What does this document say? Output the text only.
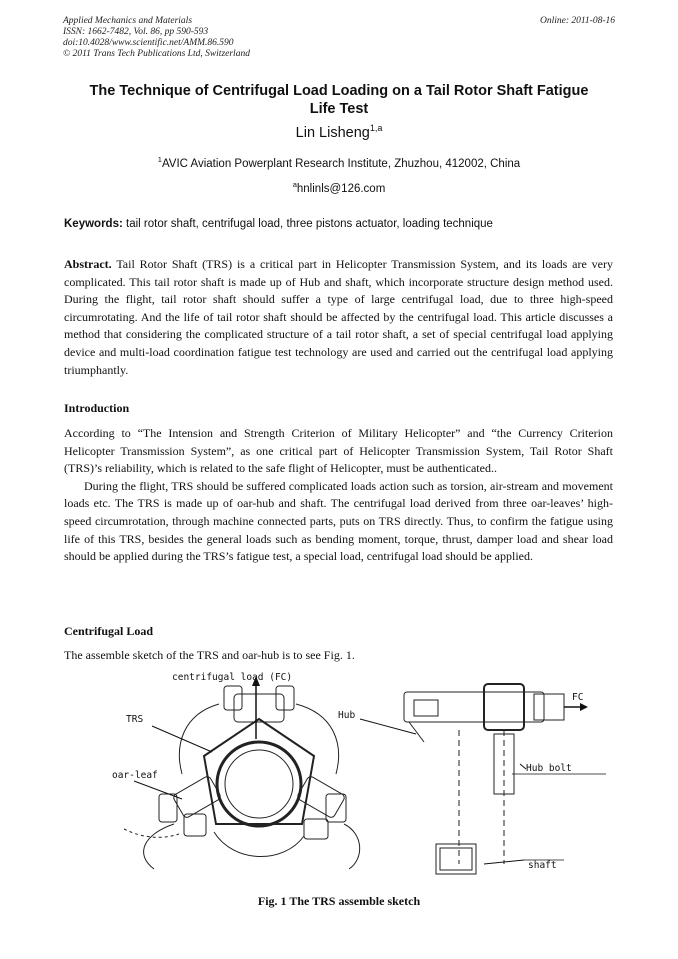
Applied Mechanics and Materials
ISSN: 1662-7482, Vol. 86, pp 590-593
doi:10.4028/www.scientific.net/AMM.86.590
© 2011 Trans Tech Publications Ltd, Switzerland
Online: 2011-08-16
The Technique of Centrifugal Load Loading on a Tail Rotor Shaft Fatigue
Life Test
Lin Lisheng$^{1,a}$
$^1$AVIC Aviation Powerplant Research Institute, Zhuzhou, 412002, China
$^a$hnlinls@126.com
Keywords: tail rotor shaft, centrifugal load, three pistons actuator, loading technique
Abstract. Tail Rotor Shaft (TRS) is a critical part in Helicopter Transmission System, and its loads are very complicated. This tail rotor shaft is made up of Hub and shaft, which incorporate structure design method used. During the flight, tail rotor shaft should suffer a type of large centrifugal load, due to three high-speed circumrotating. And the life of tail rotor shaft should be affected by the centrifugal load. This article discusses a method that considering the complicated structure of a tail rotor shaft, a set of special centrifugal load applying device and multi-load coordination fatigue test technology are used and carried out the centrifugal load applying triumphantly.
Introduction
According to “The Intension and Strength Criterion of Military Helicopter” and “the Currency Criterion Helicopter Transmission System”, as one critical part of Helicopter Transmission System, Tail Rotor Shaft (TRS)’s reliability, which is related to the safe flight of Helicopter, must be authenticated..
During the flight, TRS should be suffered complicated loads action such as torsion, air-stream and movement loads etc. The TRS is made up of oar-hub and shaft. The centrifugal load derived from three oar-leaves’ high-speed circumrotation, through machine connected parts, puts on TRS directly. Thus, to confirm the fatigue using life of this TRS, besides the general loads such as bending moment, torque, thrust, damper load and shear load should be applied during the TRS’s fatigue test, a special load, centrifugal load should be applied.
Centrifugal Load
The assemble sketch of the TRS and oar-hub is to see Fig. 1.
centrifugal load (FC)
TRS
oar-leaf
Hub
FC
Hub bolt
shaft
Fig. 1 The TRS assemble sketch
